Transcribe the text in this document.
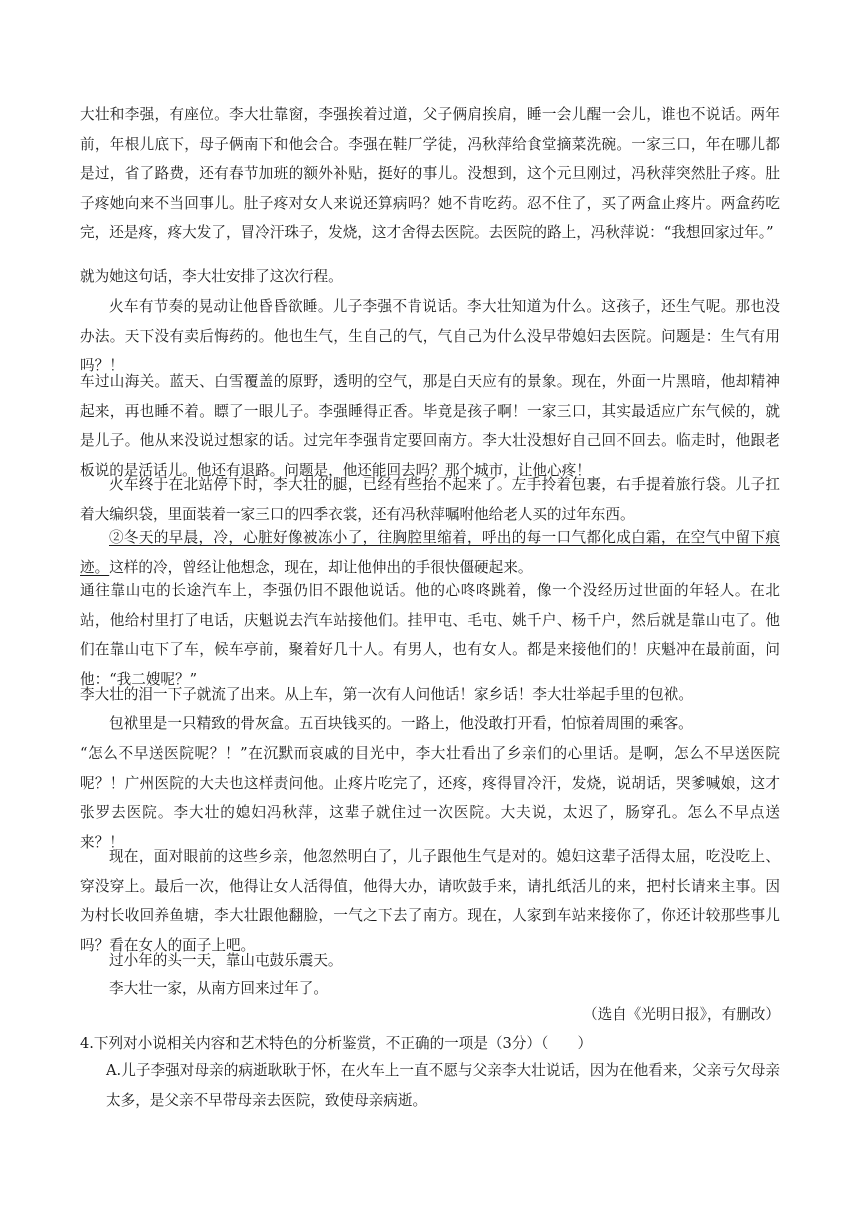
大壮和李强，有座位。李大壮靠窗，李强挨着过道，父子俩肩挨肩，睡一会儿醒一会儿，谁也不说话。两年前，年根儿底下，母子俩南下和他会合。李强在鞋厂学徒，冯秋萍给食堂摘菜洗碗。一家三口，年在哪儿都是过，省了路费，还有春节加班的额外补贴，挺好的事儿。没想到，这个元旦刚过，冯秋萍突然肚子疼。肚子疼她向来不当回事儿。肚子疼对女人来说还算病吗？她不肯吃药。忍不住了，买了两盒止疼片。两盒药吃完，还是疼，疼大发了，冒冷汗珠子，发烧，这才舍得去医院。去医院的路上，冯秋萍说：“我想回家过年。”
就为她这句话，李大壮安排了这次行程。
火车有节奏的晃动让他昏昏欲睡。儿子李强不肯说话。李大壮知道为什么。这孩子，还生气呢。那也没办法。天下没有卖后悔药的。他也生气，生自己的气，气自己为什么没早带媳妇去医院。问题是：生气有用吗？！
车过山海关。蓝天、白雪覆盖的原野，透明的空气，那是白天应有的景象。现在，外面一片黑暗，他却精神起来，再也睡不着。瞟了一眼儿子。李强睡得正香。毕竟是孩子啊！一家三口，其实最适应广东气候的，就是儿子。他从来没说过想家的话。过完年李强肯定要回南方。李大壮没想好自己回不回去。临走时，他跟老板说的是活话儿。他还有退路。问题是，他还能回去吗？那个城市，让他心疼！
火车终于在北站停下时，李大壮的腿，已经有些抬不起来了。左手拎着包裹，右手提着旅行袋。儿子扛着大编织袋，里面装着一家三口的四季衣裳，还有冯秋萍嘱咐他给老人买的过年东西。
②冬天的早晨，冷，心脏好像被冻小了，往胸腔里缩着，呼出的每一口气都化成白霜，在空气中留下痕迹。这样的冷，曾经让他想念，现在，却让他伸出的手很快僵硬起来。
通往靠山屯的长途汽车上，李强仍旧不跟他说话。他的心咚咚跳着，像一个没经历过世面的年轻人。在北站，他给村里打了电话，庆魁说去汽车站接他们。挂甲屯、毛屯、姚千户、杨千户，然后就是靠山屯了。他们在靠山屯下了车，候车亭前，聚着好几十人。有男人，也有女人。都是来接他们的！庆魁冲在最前面，问他：“我二嫂呢？”
李大壮的泪一下子就流了出来。从上车，第一次有人问他话！家乡话！李大壮举起手里的包袱。
包袱里是一只精致的骨灰盒。五百块钱买的。一路上，他没敢打开看，怕惊着周围的乘客。
“怎么不早送医院呢？！”在沉默而哀戚的目光中，李大壮看出了乡亲们的心里话。是啊，怎么不早送医院呢？！广州医院的大夫也这样责问他。止疼片吃完了，还疼，疼得冒冷汗，发烧，说胡话，哭爹喊娘，这才张罗去医院。李大壮的媳妇冯秋萍，这辈子就住过一次医院。大夫说，太迟了，肠穿孔。怎么不早点送来？！
现在，面对眼前的这些乡亲，他忽然明白了，儿子跟他生气是对的。媳妇这辈子活得太屈，吃没吃上、穿没穿上。最后一次，他得让女人活得值，他得大办，请吹鼓手来，请扎纸活儿的来，把村长请来主事。因为村长收回养鱼塘，李大壮跟他翻脸，一气之下去了南方。现在，人家到车站来接你了，你还计较那些事儿吗？看在女人的面子上吧。
过小年的头一天，靠山屯鼓乐震天。
李大壮一家，从南方回来过年了。
（选自《光明日报》，有删改）
4.下列对小说相关内容和艺术特色的分析鉴赏，不正确的一项是（3分）（　　）
A.儿子李强对母亲的病逝耿耿于怀，在火车上一直不愿与父亲李大壮说话，因为在他看来，父亲亏欠母亲太多，是父亲不早带母亲去医院，致使母亲病逝。
